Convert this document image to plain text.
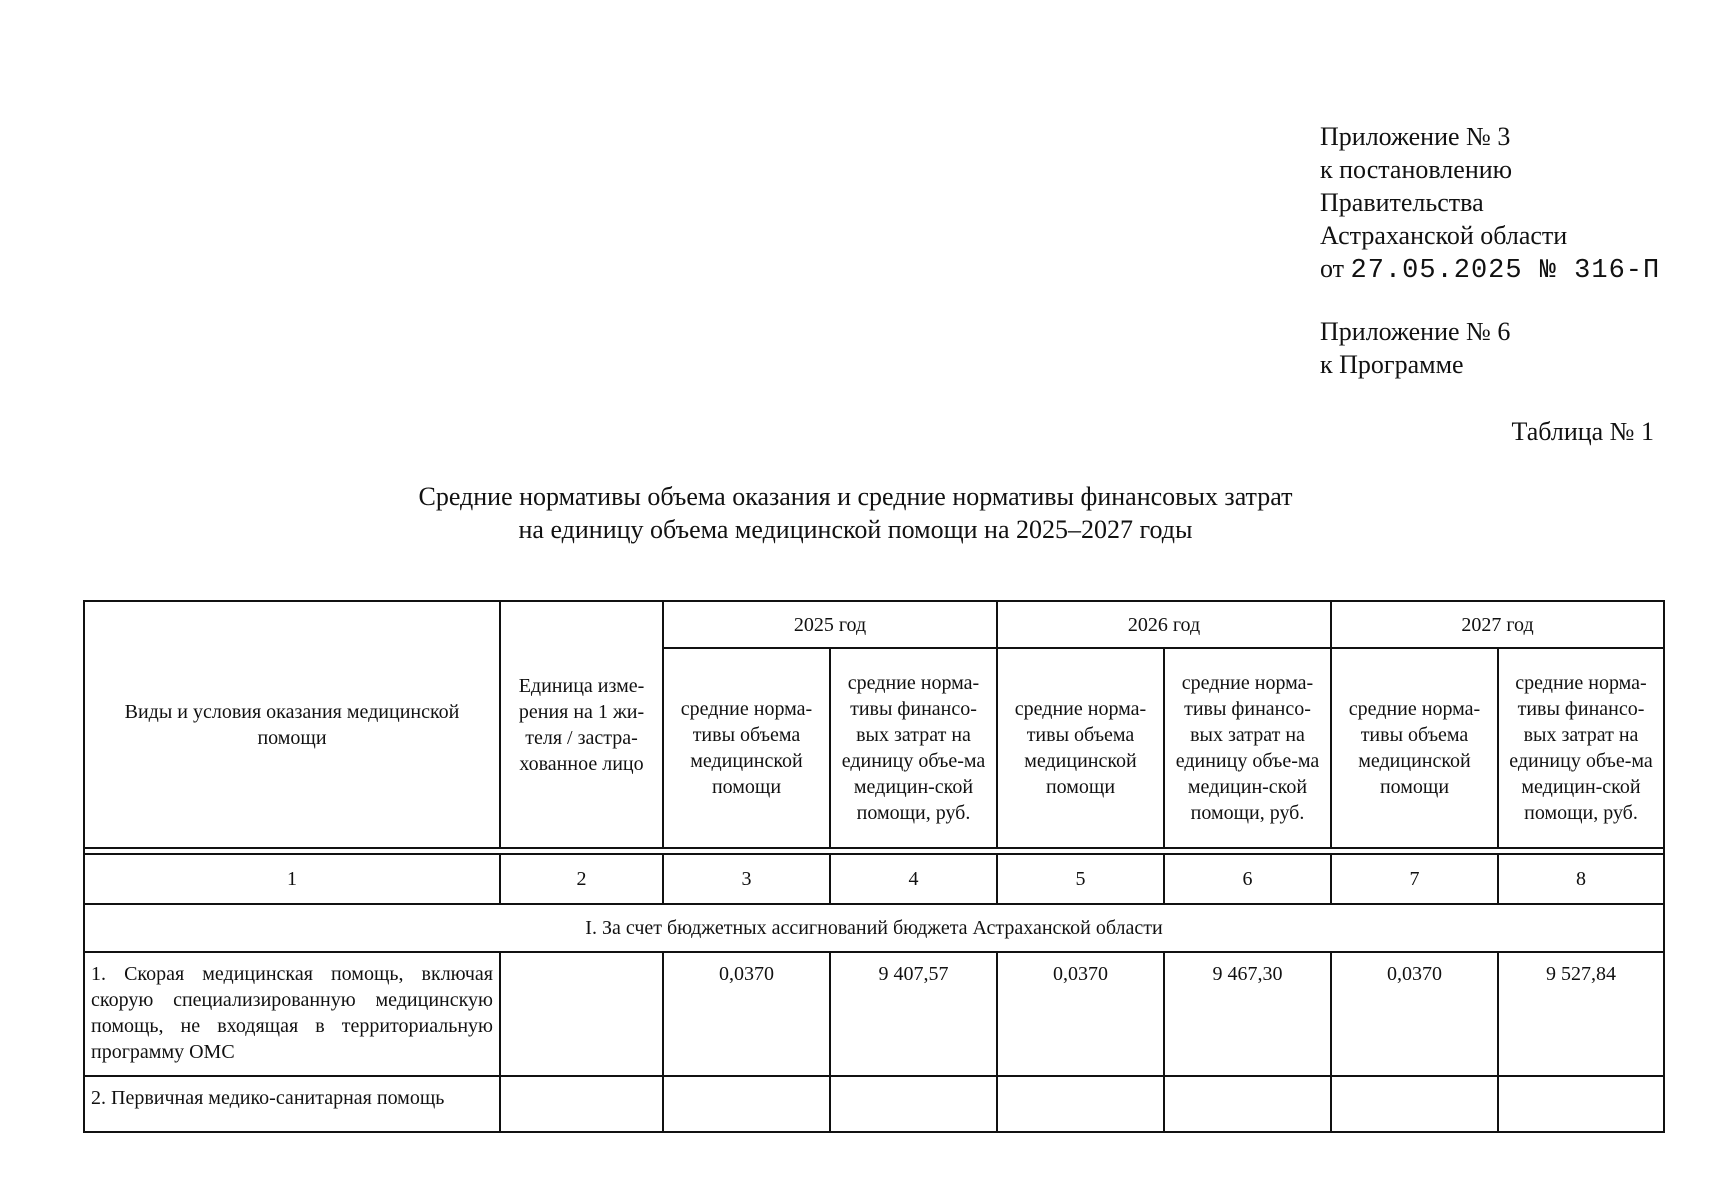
Приложение № 3
к постановлению
Правительства
Астраханской области
от 27.05.2025 № 316-П
Приложение № 6
к Программе
Таблица № 1
Средние нормативы объема оказания и средние нормативы финансовых затрат
на единицу объема медицинской помощи на 2025–2027 годы
Виды и условия оказания медицинской помощи	Единица изме-рения на 1 жи-теля / застра-хованное лицо	2025 год		2026 год		2027 год	
		средние норма-тивы объема медицинской помощи	средние норма-тивы финансо-вых затрат на единицу объе-ма медицин-ской помощи, руб.	средние норма-тивы объема медицинской помощи	средние норма-тивы финансо-вых затрат на единицу объе-ма медицин-ской помощи, руб.	средние норма-тивы объема медицинской помощи	средние норма-тивы финансо-вых затрат на единицу объе-ма медицин-ской помощи, руб.

1	2	3	4	5	6	7	8
I. За счет бюджетных ассигнований бюджета Астраханской области							
1. Скорая медицинская помощь, включая скорую специализированную медицинскую помощь, не входящая в территориальную программу ОМС		0,0370	9 407,57	0,0370	9 467,30	0,0370	9 527,84
2. Первичная медико-санитарная помощь							
